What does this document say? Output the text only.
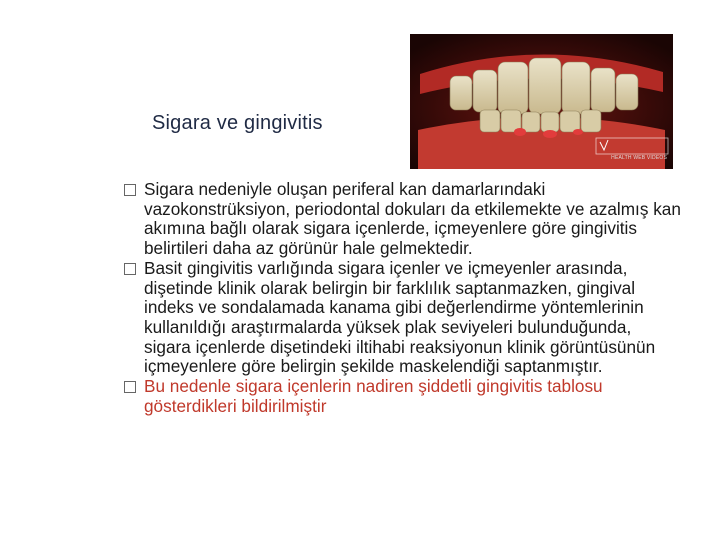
Sigara ve gingivitis
HEALTH WEB VIDEOS

Sigara nedeniyle oluşan periferal kan damarlarındaki vazokonstrüksiyon, periodontal dokuları da etkilemekte ve azalmış kan akımına bağlı olarak sigara içenlerde, içmeyenlere göre gingivitis belirtileri daha az görünür hale gelmektedir.

Basit gingivitis varlığında sigara içenler ve içmeyenler arasında, dişetinde klinik olarak belirgin bir farklılık saptanmazken, gingival indeks ve sondalamada kanama gibi değerlendirme yöntemlerinin kullanıldığı araştırmalarda yüksek plak seviyeleri bulunduğunda, sigara içenlerde dişetindeki iltihabi reaksiyonun klinik görüntüsünün içmeyenlere göre belirgin şekilde maskelendiği saptanmıştır.

Bu nedenle sigara içenlerin nadiren şiddetli gingivitis tablosu gösterdikleri bildirilmiştir
